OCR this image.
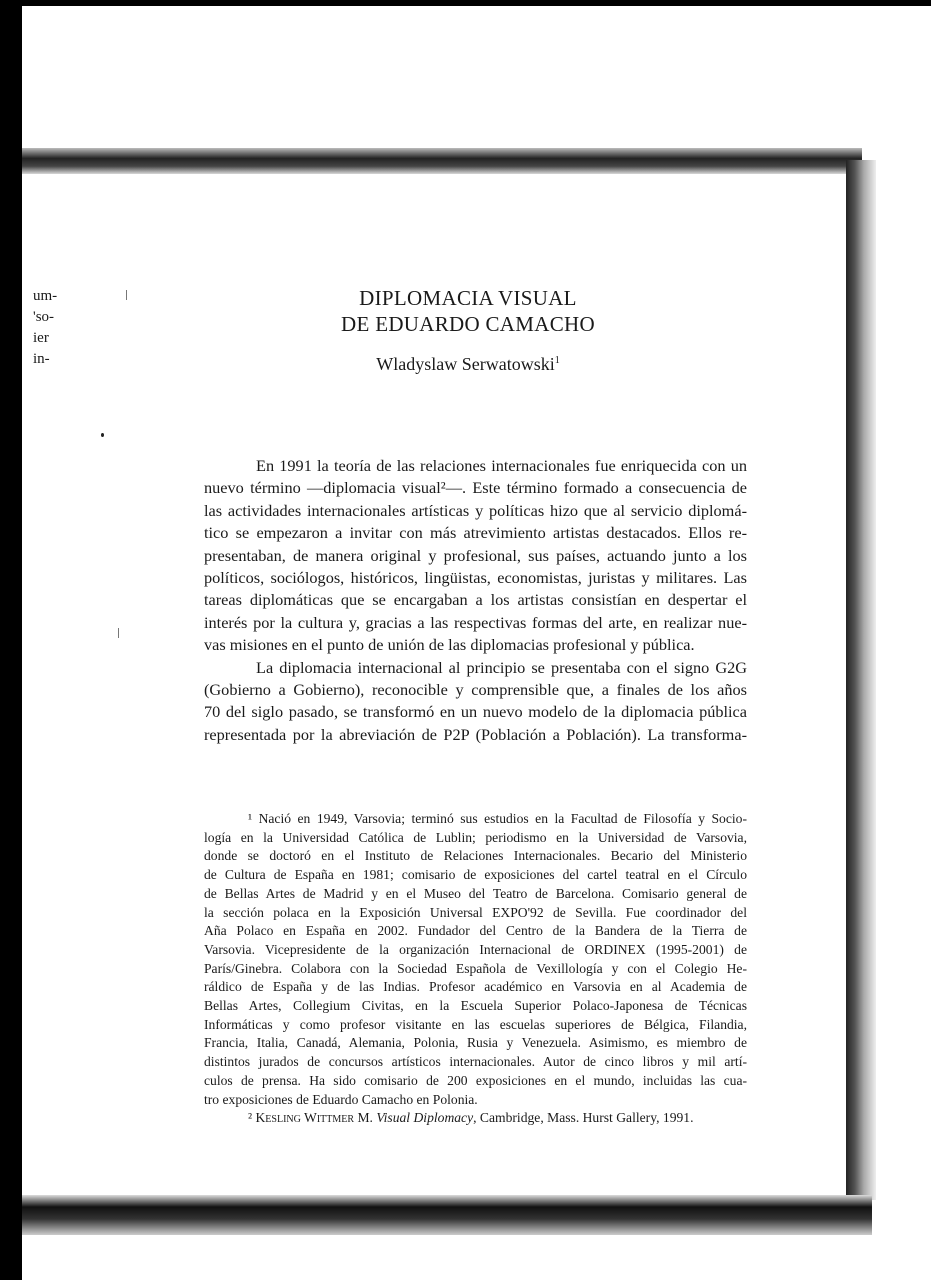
um-
'so-
ier
in-
DIPLOMACIA VISUAL
DE EDUARDO CAMACHO
Wladyslaw Serwatowski$^1$
En 1991 la teoría de las relaciones internacionales fue enriquecida con un
nuevo término —diplomacia visual²—. Este término formado a consecuencia de
las actividades internacionales artísticas y políticas hizo que al servicio diplomá-
tico se empezaron a invitar con más atrevimiento artistas destacados. Ellos re-
presentaban, de manera original y profesional, sus países, actuando junto a los
políticos, sociólogos, históricos, lingüistas, economistas, juristas y militares. Las
tareas diplomáticas que se encargaban a los artistas consistían en despertar el
interés por la cultura y, gracias a las respectivas formas del arte, en realizar nue-
vas misiones en el punto de unión de las diplomacias profesional y pública.
La diplomacia internacional al principio se presentaba con el signo G2G
(Gobierno a Gobierno), reconocible y comprensible que, a finales de los años
70 del siglo pasado, se transformó en un nuevo modelo de la diplomacia pública
representada por la abreviación de P2P (Población a Población). La transforma-
¹ Nació en 1949, Varsovia; terminó sus estudios en la Facultad de Filosofía y Socio-
logía en la Universidad Católica de Lublin; periodismo en la Universidad de Varsovia,
donde se doctoró en el Instituto de Relaciones Internacionales. Becario del Ministerio
de Cultura de España en 1981; comisario de exposiciones del cartel teatral en el Círculo
de Bellas Artes de Madrid y en el Museo del Teatro de Barcelona. Comisario general de
la sección polaca en la Exposición Universal EXPO'92 de Sevilla. Fue coordinador del
Aña Polaco en España en 2002. Fundador del Centro de la Bandera de la Tierra de
Varsovia. Vicepresidente de la organización Internacional de ORDINEX (1995-2001) de
París/Ginebra. Colabora con la Sociedad Española de Vexillología y con el Colegio He-
ráldico de España y de las Indias. Profesor académico en Varsovia en al Academia de
Bellas Artes, Collegium Civitas, en la Escuela Superior Polaco-Japonesa de Técnicas
Informáticas y como profesor visitante en las escuelas superiores de Bélgica, Filandia,
Francia, Italia, Canadá, Alemania, Polonia, Rusia y Venezuela. Asimismo, es miembro de
distintos jurados de concursos artísticos internacionales. Autor de cinco libros y mil artí-
culos de prensa. Ha sido comisario de 200 exposiciones en el mundo, incluidas las cua-
tro exposiciones de Eduardo Camacho en Polonia.
² Kesling Wittmer M. Visual Diplomacy, Cambridge, Mass. Hurst Gallery, 1991.
